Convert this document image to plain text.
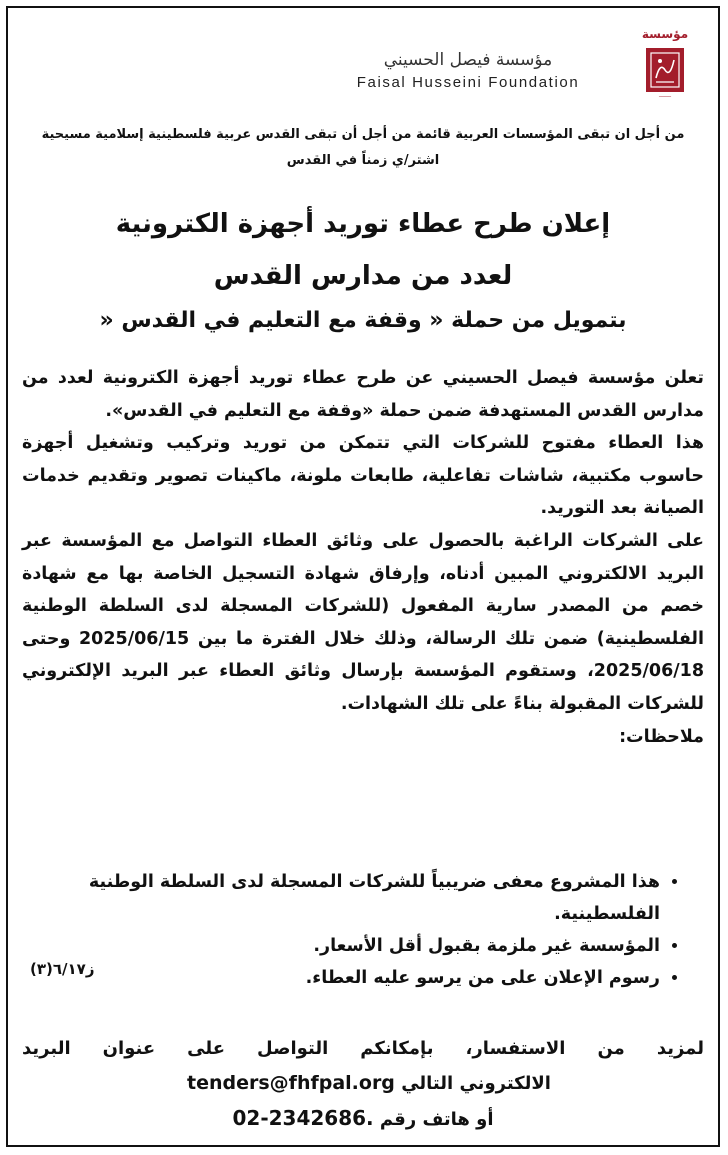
مؤسسة
────
مؤسسة فيصل الحسيني
Faisal Husseini Foundation
من أجل ان تبقى المؤسسات العربية قائمة من أجل أن تبقى القدس عربية فلسطينية إسلامية مسيحية
اشتر/ي زمناً في القدس
إعلان طرح عطاء توريد أجهزة الكترونية
لعدد من مدارس القدس
بتمويل من حملة « وقفة مع التعليم في القدس «

تعلن مؤسسة فيصل الحسيني عن طرح عطاء توريد أجهزة الكترونية لعدد من مدارس القدس المستهدفة ضمن حملة «وقفة مع التعليم في القدس».

هذا العطاء مفتوح للشركات التي تتمكن من توريد وتركيب وتشغيل أجهزة حاسوب مكتبية، شاشات تفاعلية، طابعات ملونة، ماكينات تصوير وتقديم خدمات الصيانة بعد التوريد.

على الشركات الراغبة بالحصول على وثائق العطاء التواصل مع المؤسسة عبر البريد الالكتروني المبين أدناه، وإرفاق شهادة التسجيل الخاصة بها مع شهادة خصم من المصدر سارية المفعول (للشركات المسجلة لدى السلطة الوطنية الفلسطينية) ضمن تلك الرسالة، وذلك خلال الفترة ما بين 2025/06/15 وحتى 2025/06/18، وستقوم المؤسسة بإرسال وثائق العطاء عبر البريد الإلكتروني للشركات المقبولة بناءً على تلك الشهادات.

ملاحظات:

• هذا المشروع معفى ضريبياً للشركات المسجلة لدى السلطة الوطنية الفلسطينية.
• المؤسسة غير ملزمة بقبول أقل الأسعار.
• رسوم الإعلان على من يرسو عليه العطاء.
ز٦/١٧(٣)
لمزيد من الاستفسار، بإمكانكم التواصل على عنوان البريد
الالكتروني التالي tenders@fhfpal.org
أو هاتف رقم 02-2342686.
